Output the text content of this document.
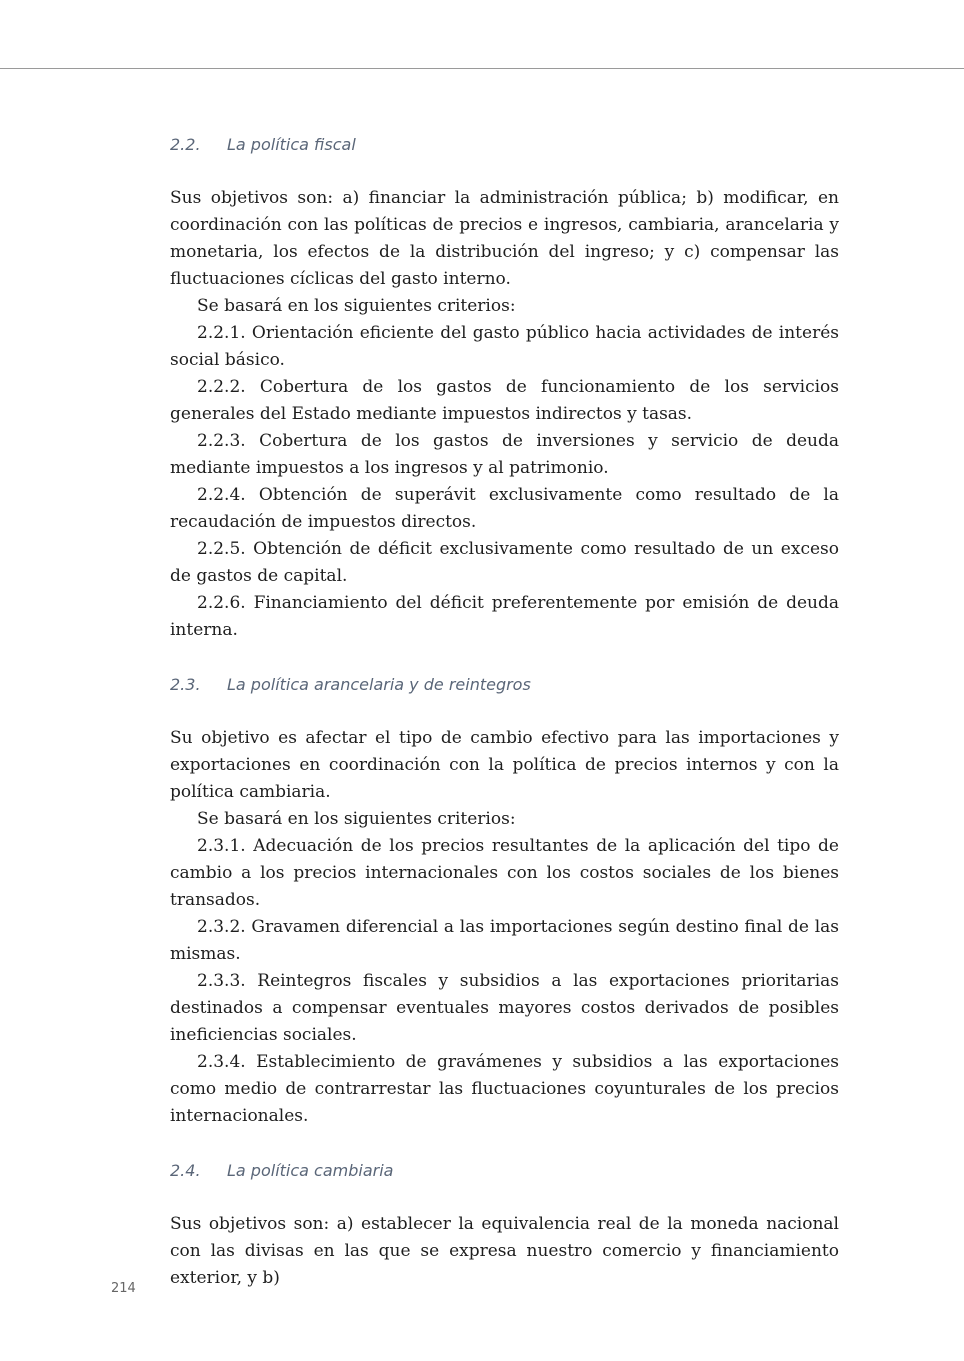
2.2. La política fiscal

Sus objetivos son: a) financiar la administración pública; b) modificar, en coordinación con las políticas de precios e ingresos, cambiaria, arancelaria y monetaria, los efectos de la distribución del ingreso; y c) compensar las fluctuaciones cíclicas del gasto interno.

Se basará en los siguientes criterios:

2.2.1. Orientación eficiente del gasto público hacia actividades de interés social básico.

2.2.2. Cobertura de los gastos de funcionamiento de los servicios generales del Estado mediante impuestos indirectos y tasas.

2.2.3. Cobertura de los gastos de inversiones y servicio de deuda mediante impuestos a los ingresos y al patrimonio.

2.2.4. Obtención de superávit exclusivamente como resultado de la recaudación de impuestos directos.

2.2.5. Obtención de déficit exclusivamente como resultado de un exceso de gastos de capital.

2.2.6. Financiamiento del déficit preferentemente por emisión de deuda interna.

2.3. La política arancelaria y de reintegros

Su objetivo es afectar el tipo de cambio efectivo para las importaciones y exportaciones en coordinación con la política de precios internos y con la política cambiaria.

Se basará en los siguientes criterios:

2.3.1. Adecuación de los precios resultantes de la aplicación del tipo de cambio a los precios internacionales con los costos sociales de los bienes transados.

2.3.2. Gravamen diferencial a las importaciones según destino final de las mismas.

2.3.3. Reintegros fiscales y subsidios a las exportaciones prioritarias destinados a compensar eventuales mayores costos derivados de posibles ineficiencias sociales.

2.3.4. Establecimiento de gravámenes y subsidios a las exportaciones como medio de contrarrestar las fluctuaciones coyunturales de los precios internacionales.

2.4. La política cambiaria

Sus objetivos son: a) establecer la equivalencia real de la moneda nacional con las divisas en las que se expresa nuestro comercio y financiamiento exterior, y b)

214
